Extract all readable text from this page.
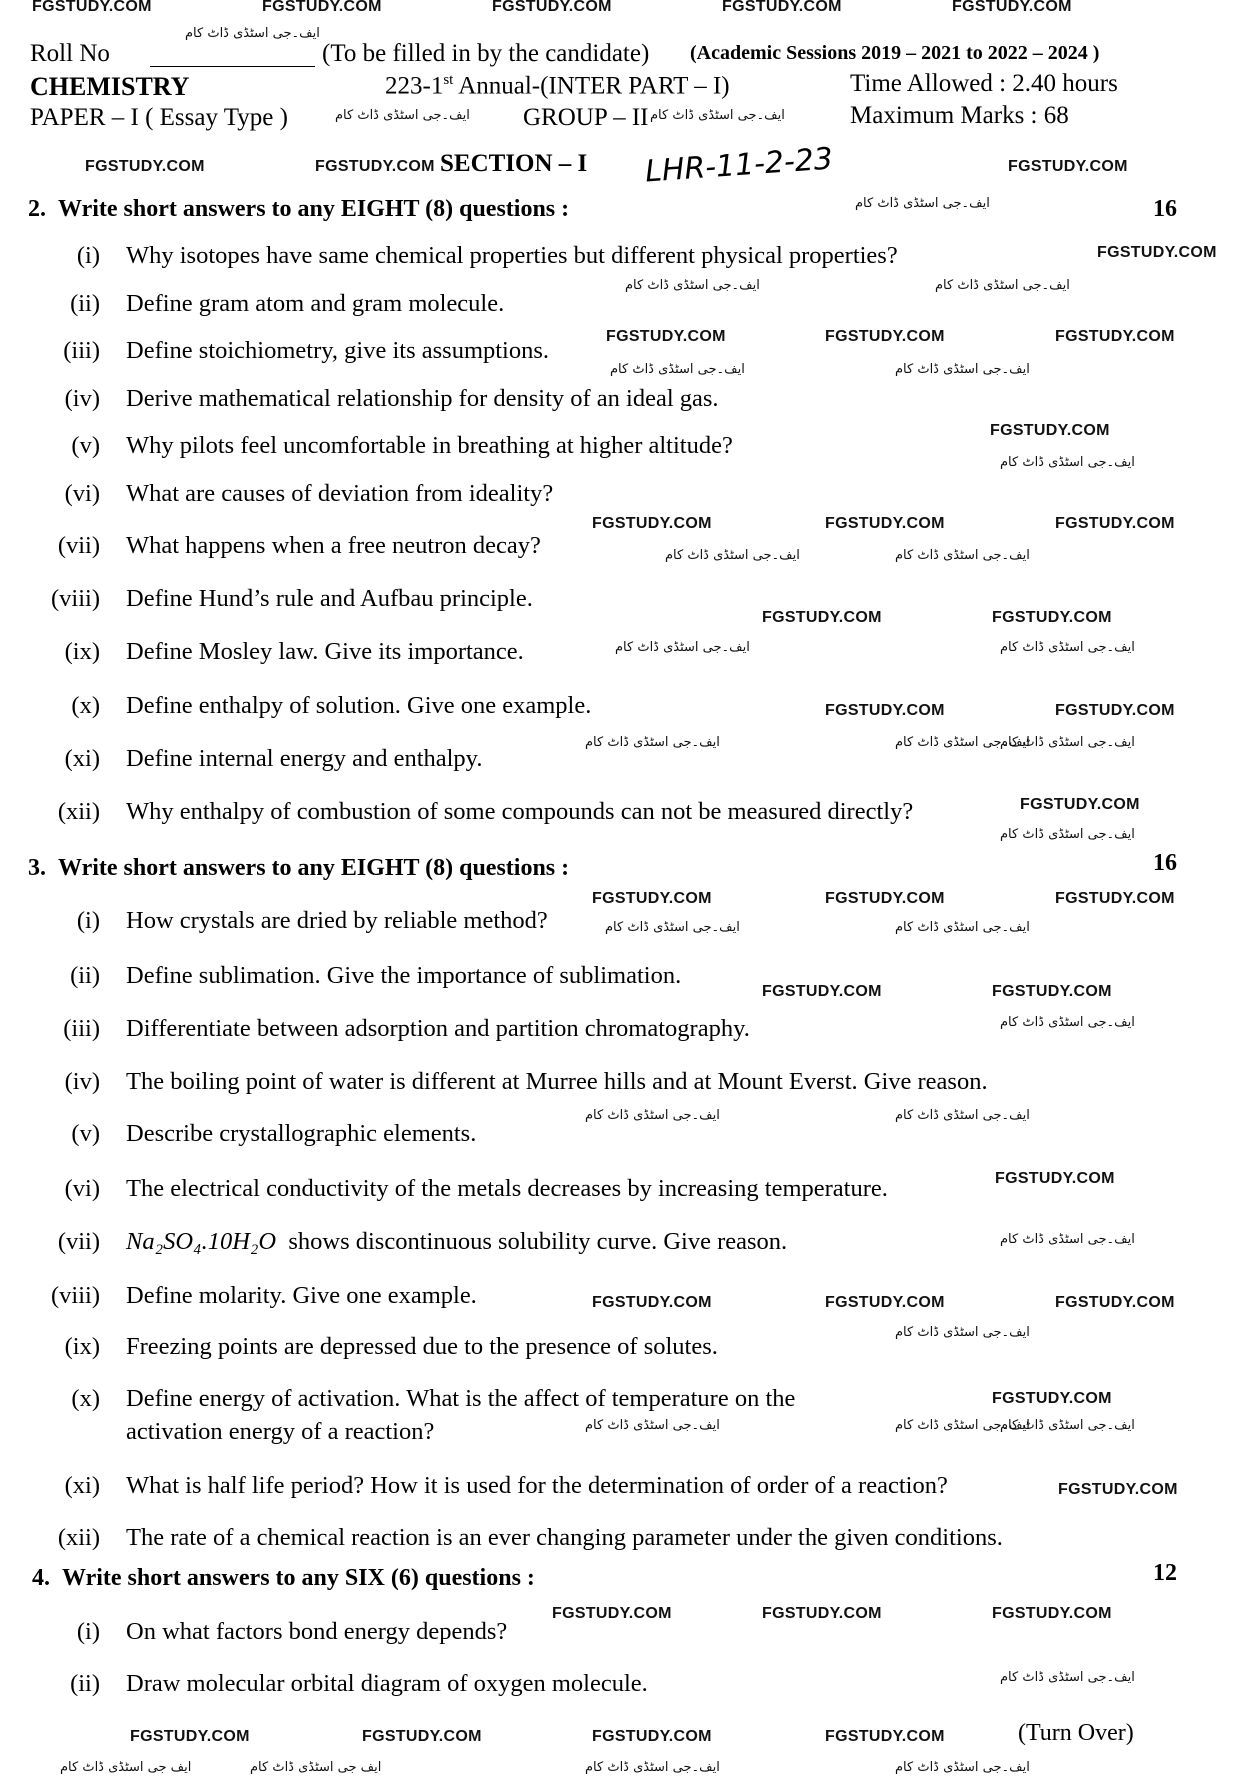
FGSTUDY.COM	FGSTUDY.COM	FGSTUDY.COM	FGSTUDY.COM	FGSTUDY.COM
Roll No
ایف۔جی اسٹڈی ڈاٹ کام
(To be filled in by the candidate) (Academic Sessions 2019 – 2021 to 2022 – 2024 )
CHEMISTRY	223-1st Annual-(INTER PART – I)	Time Allowed : 2.40 hours
PAPER – I ( Essay Type )	ایف۔جی اسٹڈی ڈاٹ کام GROUP – II ایف۔جی اسٹڈی ڈاٹ کام	Maximum Marks : 68
FGSTUDY.COM	FGSTUDY.COM SECTION – I LHR-11-2-23	FGSTUDY.COM
2. Write short answers to any EIGHT (8) questions :	ایف۔جی اسٹڈی ڈاٹ کام	16
(i) Why isotopes have same chemical properties but different physical properties?	FGSTUDY.COM
(ii) Define gram atom and gram molecule.
ایف۔جی اسٹڈی ڈاٹ کام	ایف۔جی اسٹڈی ڈاٹ کام
(iii) Define stoichiometry, give its assumptions.
FGSTUDY.COM	FGSTUDY.COM	FGSTUDY.COM
ایف۔جی اسٹڈی ڈاٹ کام	ایف۔جی اسٹڈی ڈاٹ کام
(iv) Derive mathematical relationship for density of an ideal gas.
(v) Why pilots feel uncomfortable in breathing at higher altitude?
FGSTUDY.COM
ایف۔جی اسٹڈی ڈاٹ کام
(vi) What are causes of deviation from ideality?
FGSTUDY.COM	FGSTUDY.COM	FGSTUDY.COM
(vii) What happens when a free neutron decay?	ایف۔جی اسٹڈی ڈاٹ کام	ایف۔جی اسٹڈی ڈاٹ کام
(viii) Define Hund’s rule and Aufbau principle.
FGSTUDY.COM	FGSTUDY.COM
(ix) Define Mosley law. Give its importance.	ایف۔جی اسٹڈی ڈاٹ کام	ایف۔جی اسٹڈی ڈاٹ کام
(x) Define enthalpy of solution. Give one example.	FGSTUDY.COM	FGSTUDY.COM
(xi) Define internal energy and enthalpy.
ایف۔جی اسٹڈی ڈاٹ کام	ایف۔جی اسٹڈی ڈاٹ کام
ایف۔جی اسٹڈی ڈاٹ کام
(xii) Why enthalpy of combustion of some compounds can not be measured directly?	FGSTUDY.COM
ایف۔جی اسٹڈی ڈاٹ کام
3. Write short answers to any EIGHT (8) questions :	16
FGSTUDY.COM	FGSTUDY.COM	FGSTUDY.COM
(i) How crystals are dried by reliable method?	ایف۔جی اسٹڈی ڈاٹ کام	ایف۔جی اسٹڈی ڈاٹ کام
(ii) Define sublimation. Give the importance of sublimation.
FGSTUDY.COM	FGSTUDY.COM
(iii) Differentiate between adsorption and partition chromatography.	ایف۔جی اسٹڈی ڈاٹ کام
(iv) The boiling point of water is different at Murree hills and at Mount Everst. Give reason.
ایف۔جی اسٹڈی ڈاٹ کام	ایف۔جی اسٹڈی ڈاٹ کام
(v) Describe crystallographic elements.
(vi) The electrical conductivity of the metals decreases by increasing temperature.	FGSTUDY.COM
(vii) Na₂SO₄.10H₂O shows discontinuous solubility curve. Give reason.	ایف۔جی اسٹڈی ڈاٹ کام
(viii) Define molarity. Give one example.	FGSTUDY.COM	FGSTUDY.COM	FGSTUDY.COM
(ix) Freezing points are depressed due to the presence of solutes.
ایف۔جی اسٹڈی ڈاٹ کام
(x) Define energy of activation. What is the affect of temperature on the
activation energy of a reaction?
FGSTUDY.COM
ایف۔جی اسٹڈی ڈاٹ کام	ایف۔جی اسٹڈی ڈاٹ کام
ایف۔جی اسٹڈی ڈاٹ کام
(xi) What is half life period? How it is used for the determination of order of a reaction?	FGSTUDY.COM
(xii) The rate of a chemical reaction is an ever changing parameter under the given conditions.
4. Write short answers to any SIX (6) questions :	12
FGSTUDY.COM	FGSTUDY.COM	FGSTUDY.COM
(i) On what factors bond energy depends?
(ii) Draw molecular orbital diagram of oxygen molecule.	ایف۔جی اسٹڈی ڈاٹ کام
FGSTUDY.COM	FGSTUDY.COM	FGSTUDY.COM	FGSTUDY.COM	(Turn Over)
ایف جی اسٹڈی ڈاٹ کام	ایف جی اسٹڈی ڈاٹ کام	ایف۔جی اسٹڈی ڈاٹ کام	ایف۔جی اسٹڈی ڈاٹ کام
